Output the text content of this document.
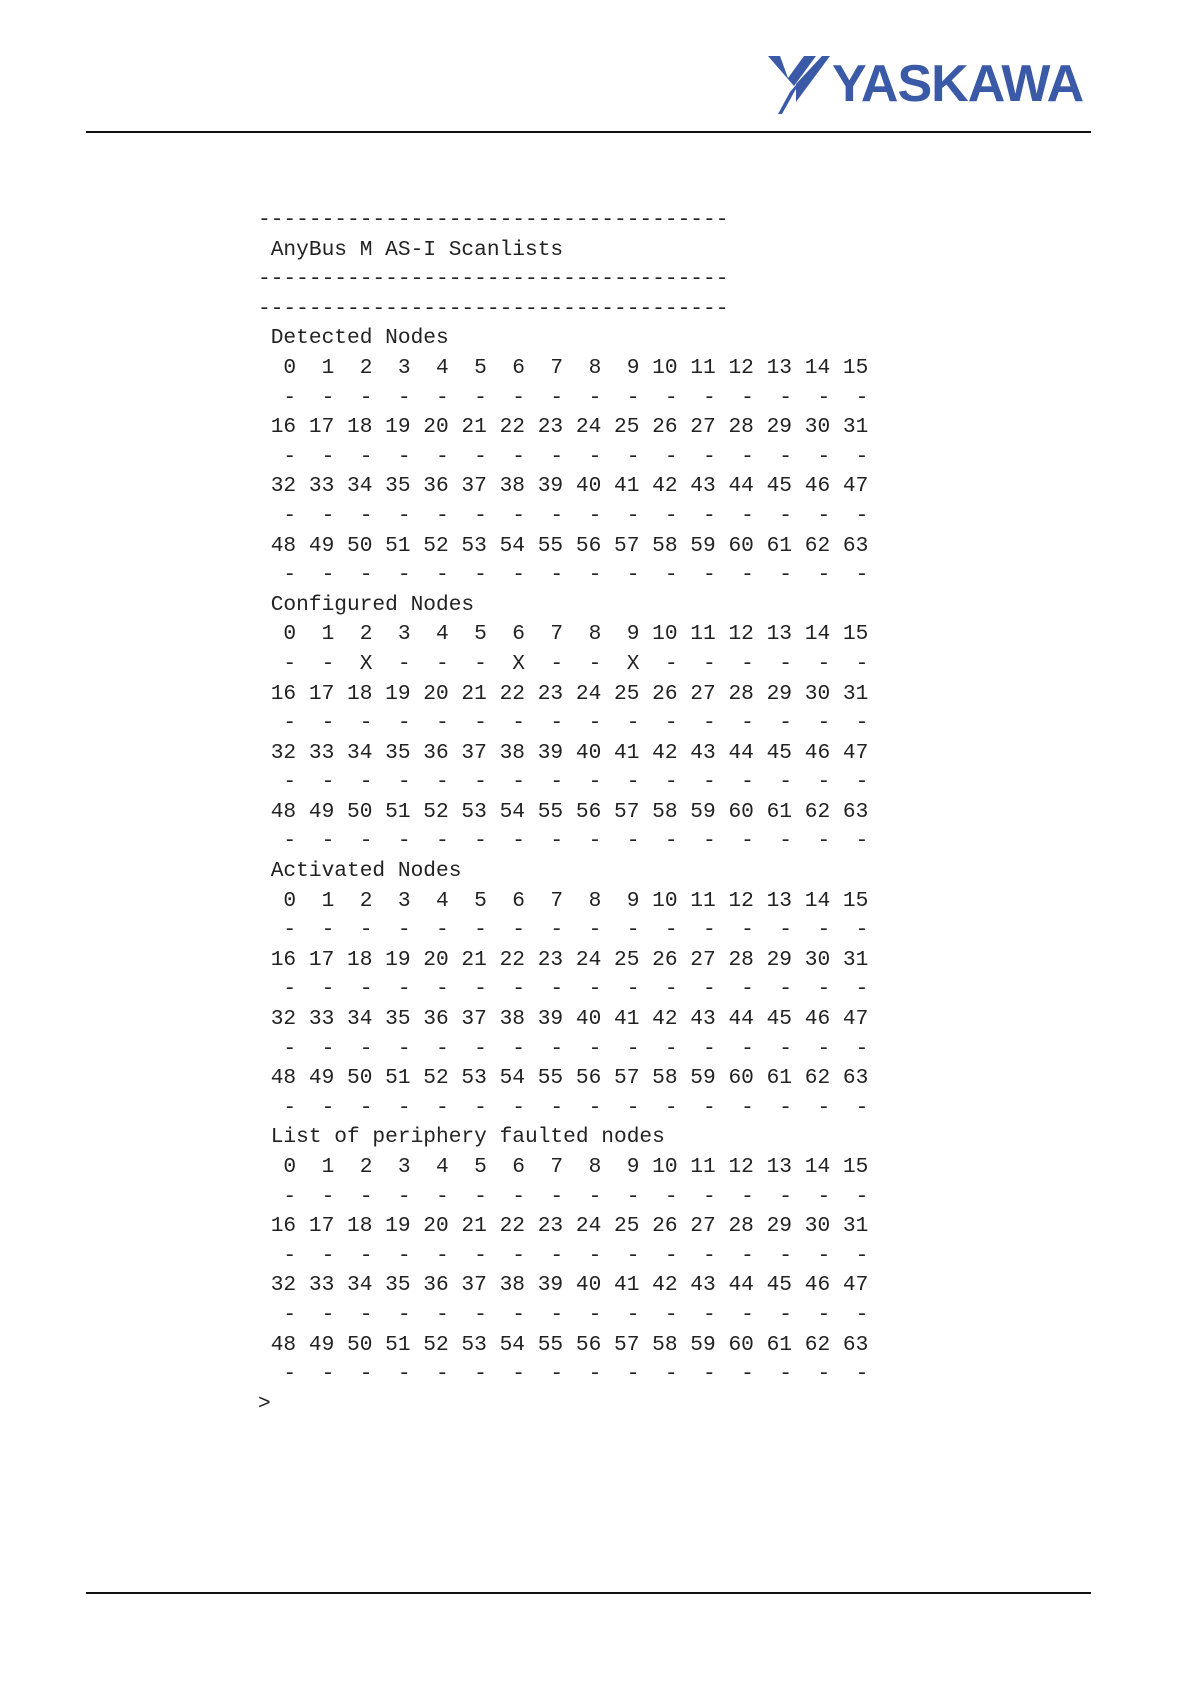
YASKAWA
-------------------------------------
AnyBus M AS-I Scanlists
-------------------------------------
-------------------------------------
Detected Nodes
0  1  2  3  4  5  6  7  8  9 10 11 12 13 14 15
-  -  -  -  -  -  -  -  -  -  -  -  -  -  -  -
16 17 18 19 20 21 22 23 24 25 26 27 28 29 30 31
-  -  -  -  -  -  -  -  -  -  -  -  -  -  -  -
32 33 34 35 36 37 38 39 40 41 42 43 44 45 46 47
-  -  -  -  -  -  -  -  -  -  -  -  -  -  -  -
48 49 50 51 52 53 54 55 56 57 58 59 60 61 62 63
-  -  -  -  -  -  -  -  -  -  -  -  -  -  -  -
Configured Nodes
0  1  2  3  4  5  6  7  8  9 10 11 12 13 14 15
-  -  X  -  -  -  X  -  -  X  -  -  -  -  -  -
16 17 18 19 20 21 22 23 24 25 26 27 28 29 30 31
-  -  -  -  -  -  -  -  -  -  -  -  -  -  -  -
32 33 34 35 36 37 38 39 40 41 42 43 44 45 46 47
-  -  -  -  -  -  -  -  -  -  -  -  -  -  -  -
48 49 50 51 52 53 54 55 56 57 58 59 60 61 62 63
-  -  -  -  -  -  -  -  -  -  -  -  -  -  -  -
Activated Nodes
0  1  2  3  4  5  6  7  8  9 10 11 12 13 14 15
-  -  -  -  -  -  -  -  -  -  -  -  -  -  -  -
16 17 18 19 20 21 22 23 24 25 26 27 28 29 30 31
-  -  -  -  -  -  -  -  -  -  -  -  -  -  -  -
32 33 34 35 36 37 38 39 40 41 42 43 44 45 46 47
-  -  -  -  -  -  -  -  -  -  -  -  -  -  -  -
48 49 50 51 52 53 54 55 56 57 58 59 60 61 62 63
-  -  -  -  -  -  -  -  -  -  -  -  -  -  -  -
List of periphery faulted nodes
0  1  2  3  4  5  6  7  8  9 10 11 12 13 14 15
-  -  -  -  -  -  -  -  -  -  -  -  -  -  -  -
16 17 18 19 20 21 22 23 24 25 26 27 28 29 30 31
-  -  -  -  -  -  -  -  -  -  -  -  -  -  -  -
32 33 34 35 36 37 38 39 40 41 42 43 44 45 46 47
-  -  -  -  -  -  -  -  -  -  -  -  -  -  -  -
48 49 50 51 52 53 54 55 56 57 58 59 60 61 62 63
-  -  -  -  -  -  -  -  -  -  -  -  -  -  -  -
>
